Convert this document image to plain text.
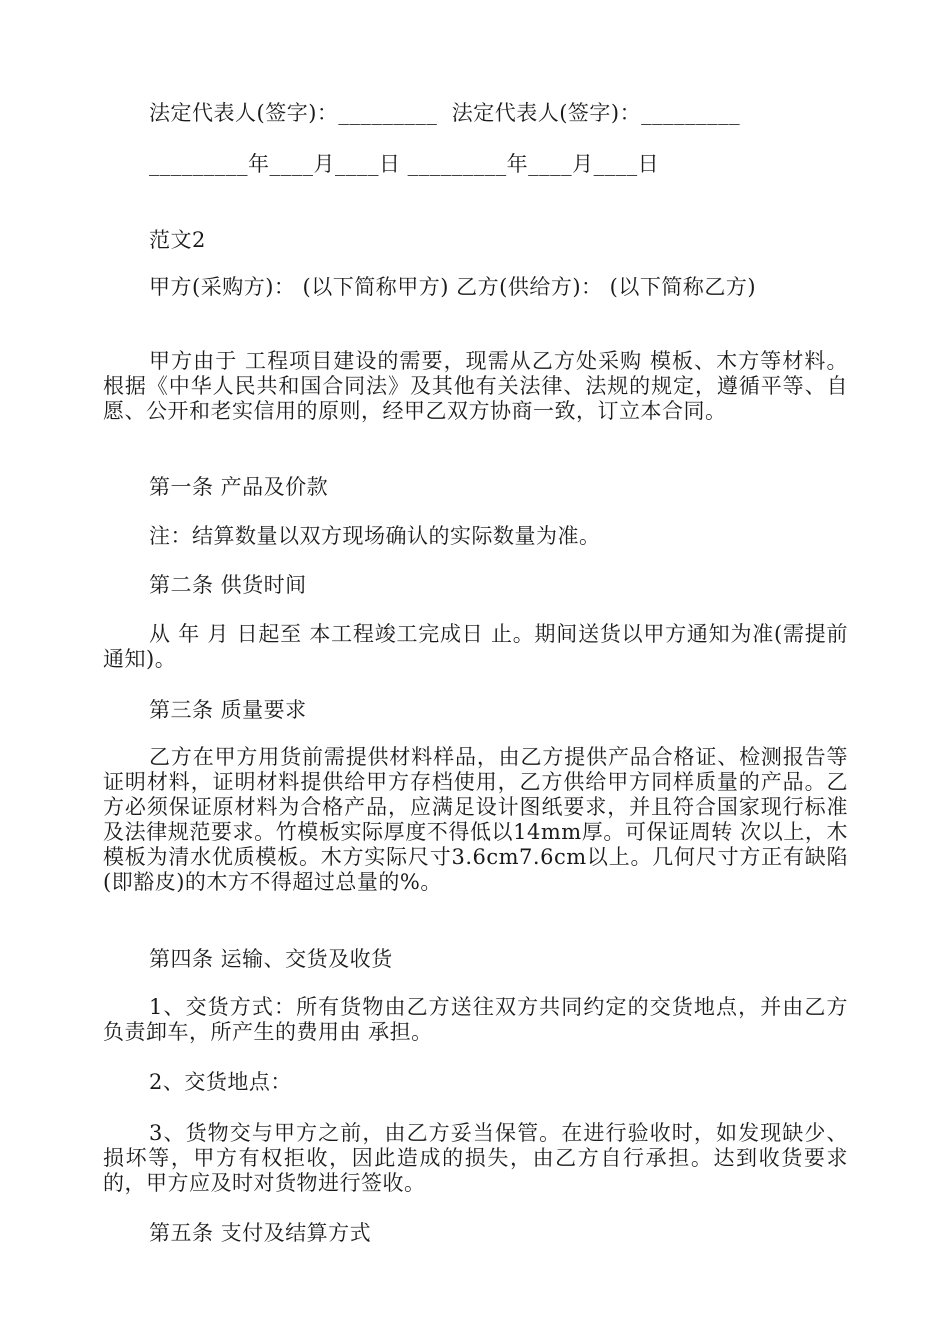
法定代表人(签字)：_________  法定代表人(签字)：_________
_________年____月____日 _________年____月____日
范文2
甲方(采购方)： (以下简称甲方) 乙方(供给方)： (以下简称乙方)
甲方由于 工程项目建设的需要，现需从乙方处采购 模板、木方等材料。根据《中华人民共和国合同法》及其他有关法律、法规的规定，遵循平等、自愿、公开和老实信用的原则，经甲乙双方协商一致，订立本合同。
第一条 产品及价款
注：结算数量以双方现场确认的实际数量为准。
第二条 供货时间
从 年 月 日起至 本工程竣工完成日 止。期间送货以甲方通知为准(需提前通知)。
第三条 质量要求
乙方在甲方用货前需提供材料样品，由乙方提供产品合格证、检测报告等证明材料，证明材料提供给甲方存档使用，乙方供给甲方同样质量的产品。乙方必须保证原材料为合格产品，应满足设计图纸要求，并且符合国家现行标准及法律规范要求。竹模板实际厚度不得低以14mm厚。可保证周转 次以上，木模板为清水优质模板。木方实际尺寸3.6cm7.6cm以上。几何尺寸方正有缺陷(即豁皮)的木方不得超过总量的%。
第四条 运输、交货及收货
1、交货方式：所有货物由乙方送往双方共同约定的交货地点，并由乙方负责卸车，所产生的费用由 承担。
2、交货地点：
3、货物交与甲方之前，由乙方妥当保管。在进行验收时，如发现缺少、损坏等，甲方有权拒收，因此造成的损失，由乙方自行承担。达到收货要求的，甲方应及时对货物进行签收。
第五条 支付及结算方式
